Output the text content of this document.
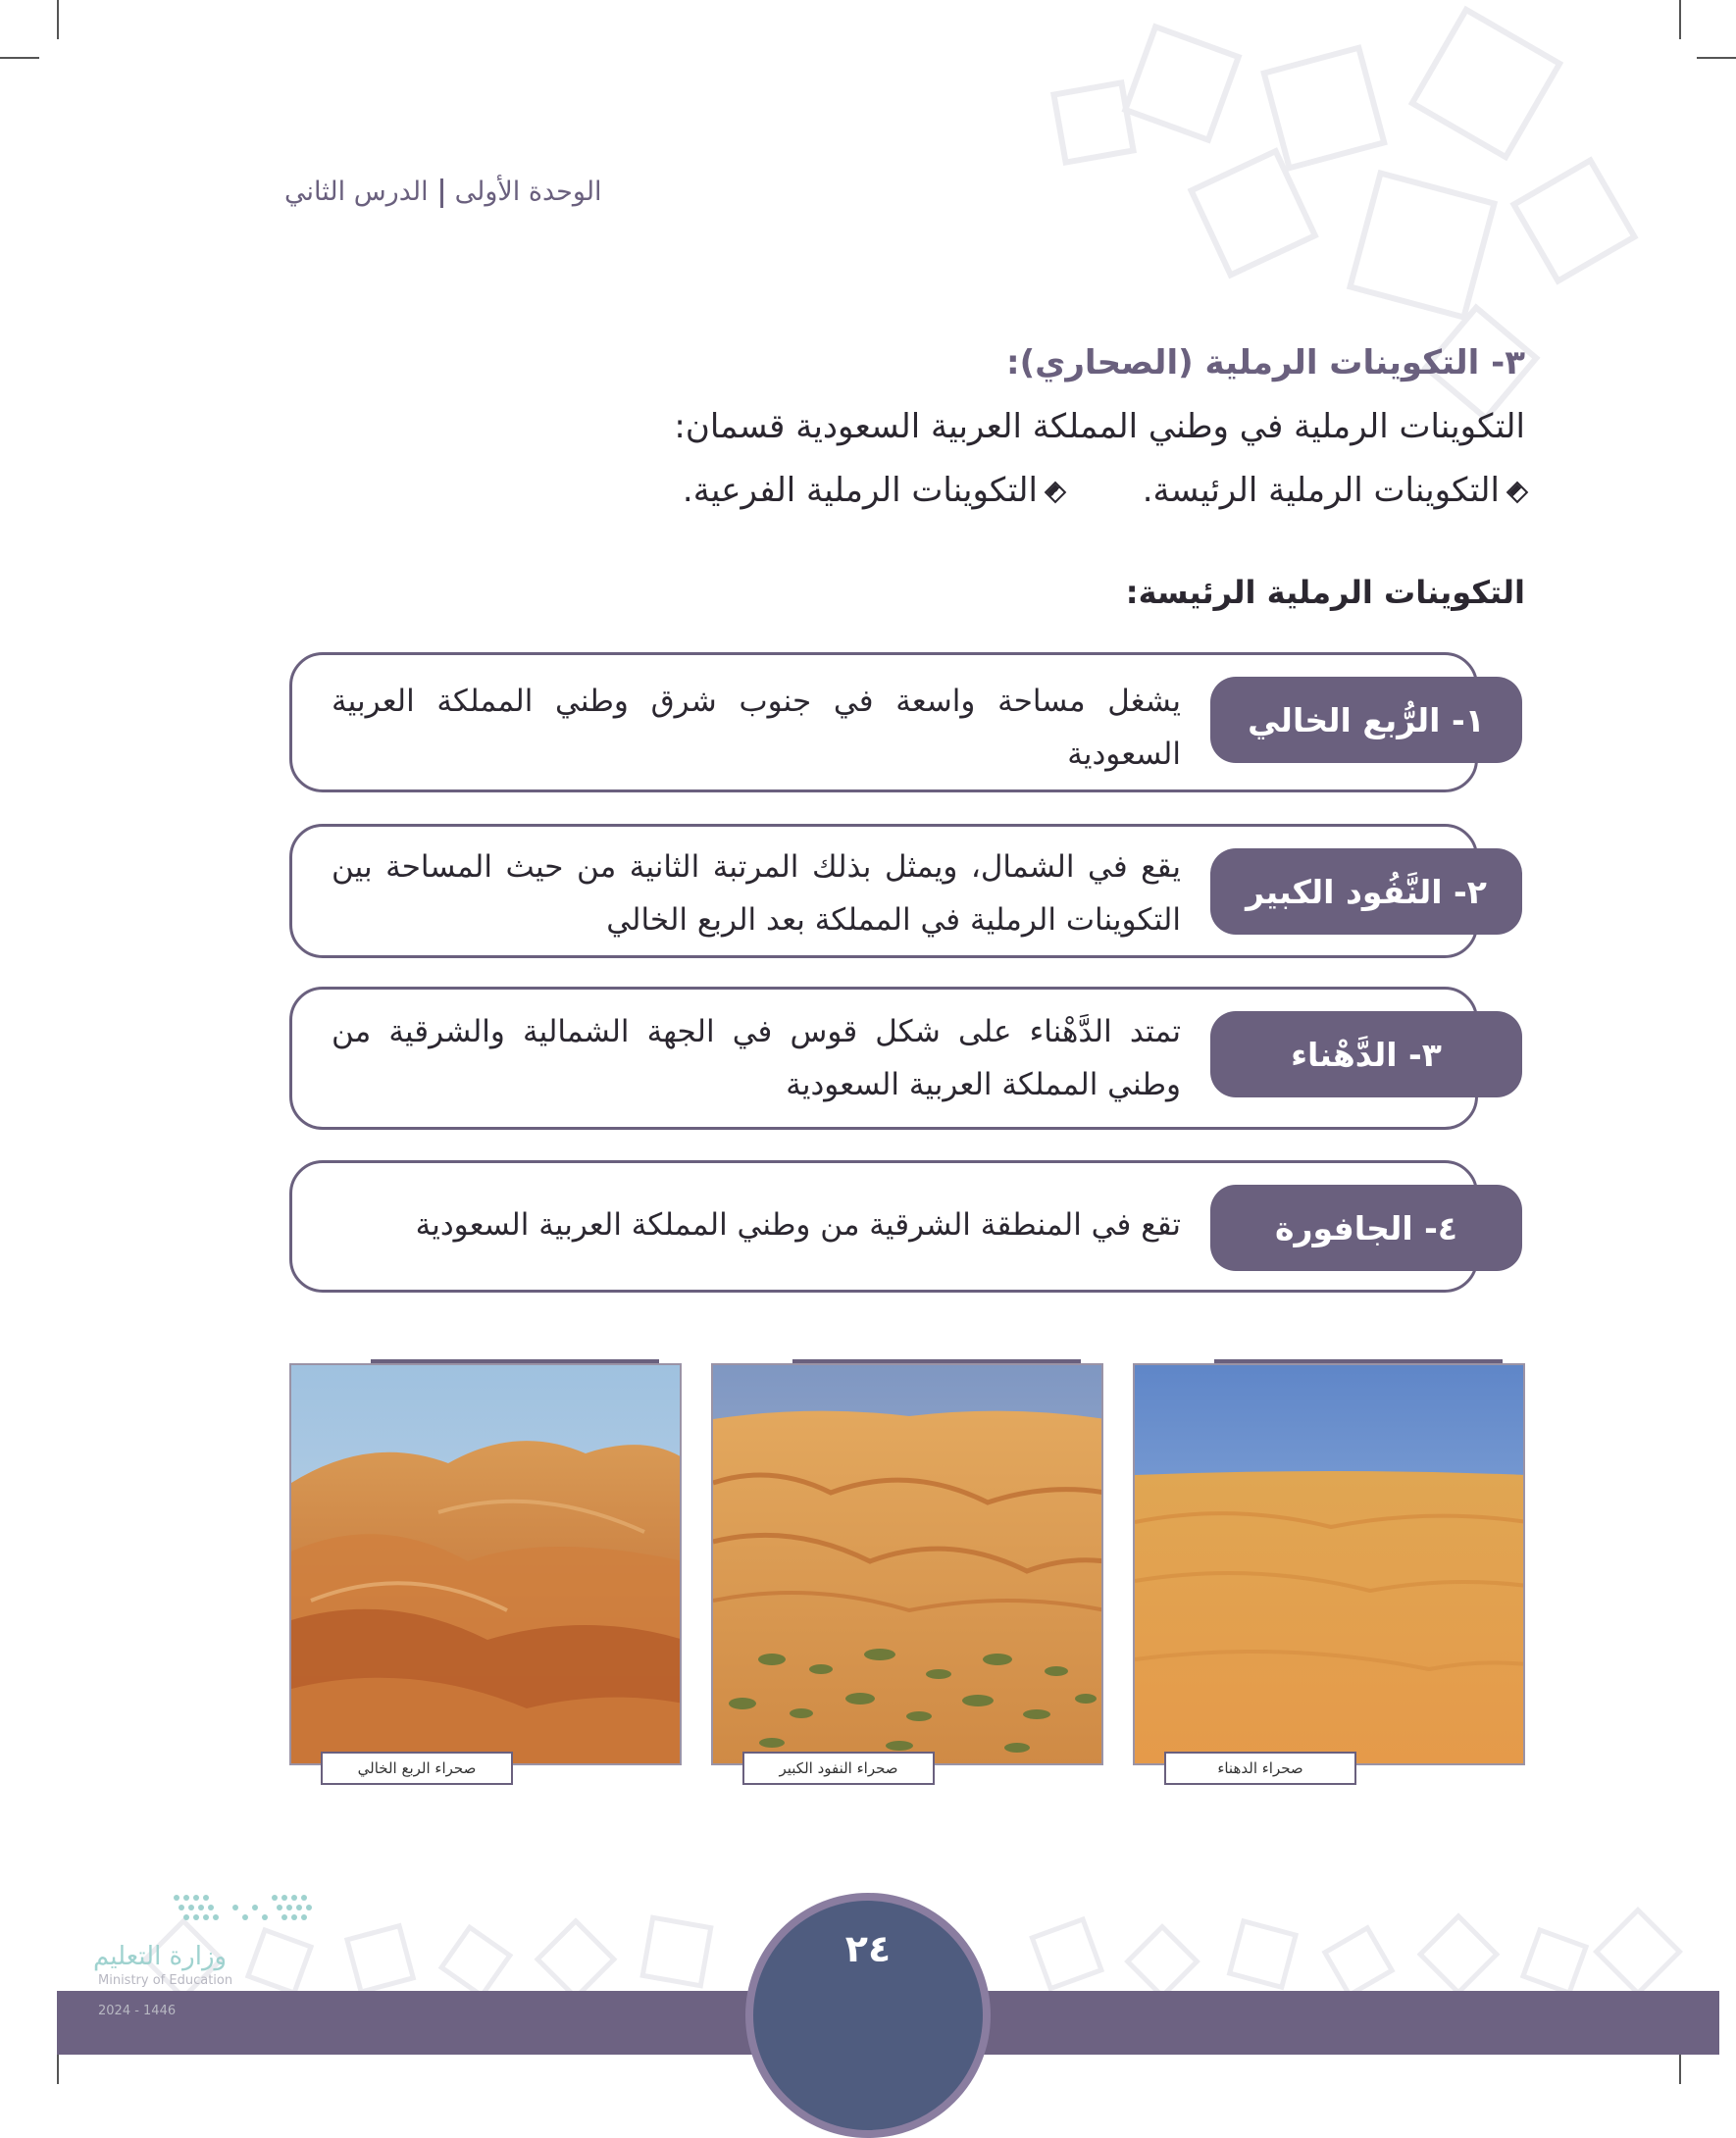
الوحدة الأولىالدرس الثاني
٣- التكوينات الرملية (الصحاري):
التكوينات الرملية في وطني المملكة العربية السعودية قسمان:
التكوينات الرملية الرئيسة. التكوينات الرملية الفرعية.
التكوينات الرملية الرئيسة:
١- الرُّبع الخالي
يشغل مساحة واسعة في جنوب شرق وطني المملكة العربية السعودية
٢- النَّفُود الكبير
يقع في الشمال، ويمثل بذلك المرتبة الثانية من حيث المساحة بين التكوينات الرملية في المملكة بعد الربع الخالي
٣- الدَّهْناء
تمتد الدَّهْناء على شكل قوس في الجهة الشمالية والشرقية من وطني المملكة العربية السعودية
٤- الجافورة
تقع في المنطقة الشرقية من وطني المملكة العربية السعودية
صحراء الربع الخالي	صحراء النفود الكبير	صحراء الدهناء
٢٤
وزارة التعليم
Ministry of Education
2024 - 1446
